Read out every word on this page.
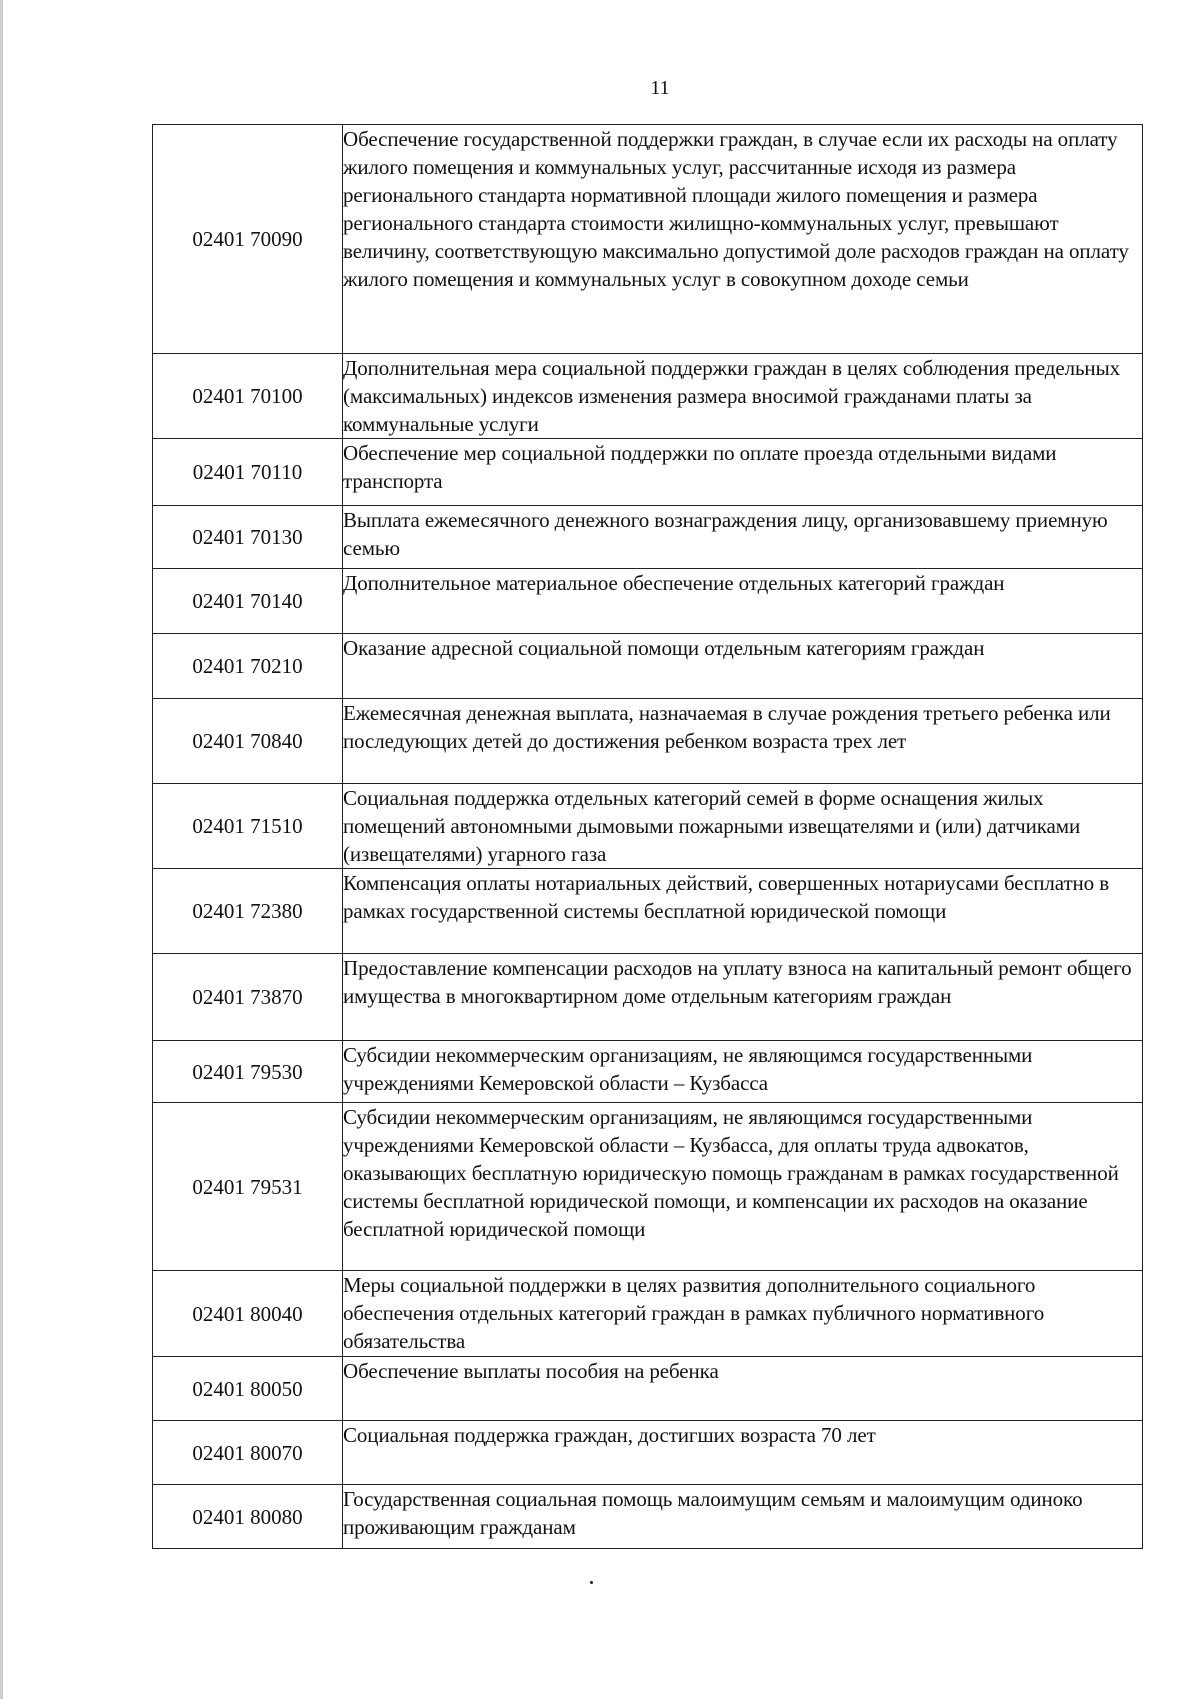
11
02401 70090	Обеспечение государственной поддержки граждан, в случае если их расходы на оплату жилого помещения и коммунальных услуг, рассчитанные исходя из размера регионального стандарта нормативной площади жилого помещения и размера регионального стандарта стоимости жилищно-коммунальных услуг, превышают величину, соответствующую максимально допустимой доле расходов граждан на оплату жилого помещения и коммунальных услуг в совокупном доходе семьи
02401 70100	Дополнительная мера социальной поддержки граждан в целях соблюдения предельных (максимальных) индексов изменения размера вносимой гражданами платы за коммунальные услуги
02401 70110	Обеспечение мер социальной поддержки по оплате проезда отдельными видами транспорта
02401 70130	Выплата ежемесячного денежного вознаграждения лицу, организовавшему приемную семью
02401 70140	Дополнительное материальное обеспечение отдельных категорий граждан
02401 70210	Оказание адресной социальной помощи отдельным категориям граждан
02401 70840	Ежемесячная денежная выплата, назначаемая в случае рождения третьего ребенка или последующих детей до достижения ребенком возраста трех лет
02401 71510	Социальная поддержка отдельных категорий семей в форме оснащения жилых помещений автономными дымовыми пожарными извещателями и (или) датчиками (извещателями) угарного газа
02401 72380	Компенсация оплаты нотариальных действий, совершенных нотариусами бесплатно в рамках государственной системы бесплатной юридической помощи
02401 73870	Предоставление компенсации расходов на уплату взноса на капитальный ремонт общего имущества в многоквартирном доме отдельным категориям граждан
02401 79530	Субсидии некоммерческим организациям, не являющимся государственными учреждениями Кемеровской области – Кузбасса
02401 79531	Субсидии некоммерческим организациям, не являющимся государственными учреждениями Кемеровской области – Кузбасса, для оплаты труда адвокатов, оказывающих бесплатную юридическую помощь гражданам в рамках государственной системы бесплатной юридической помощи, и компенсации их расходов на оказание бесплатной юридической помощи
02401 80040	Меры социальной поддержки в целях развития дополнительного социального обеспечения отдельных категорий граждан в рамках публичного нормативного обязательства
02401 80050	Обеспечение выплаты пособия на ребенка
02401 80070	Социальная поддержка граждан, достигших возраста 70 лет
02401 80080	Государственная социальная помощь малоимущим семьям и малоимущим одиноко проживающим гражданам
